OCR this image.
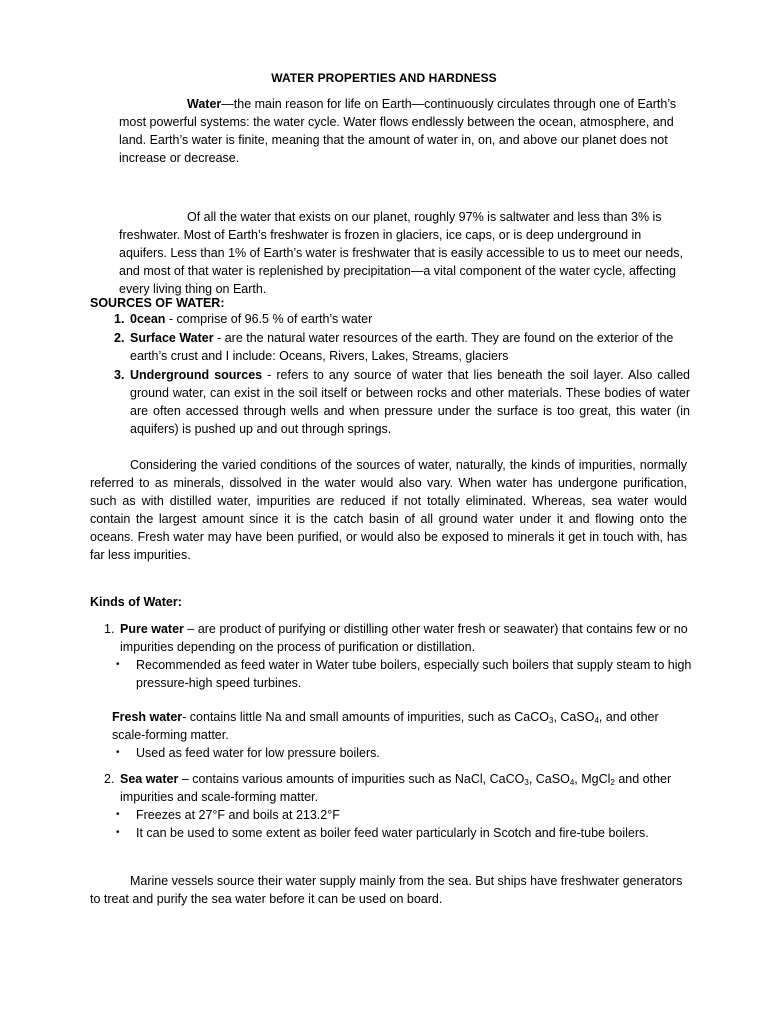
WATER PROPERTIES AND HARDNESS
Water—the main reason for life on Earth—continuously circulates through one of Earth’s most powerful systems: the water cycle. Water flows endlessly between the ocean, atmosphere, and land. Earth’s water is finite, meaning that the amount of water in, on, and above our planet does not increase or decrease.
Of all the water that exists on our planet, roughly 97% is saltwater and less than 3% is freshwater. Most of Earth’s freshwater is frozen in glaciers, ice caps, or is deep underground in aquifers. Less than 1% of Earth’s water is freshwater that is easily accessible to us to meet our needs, and most of that water is replenished by precipitation—a vital component of the water cycle, affecting every living thing on Earth.
SOURCES OF WATER:
1. 0cean - comprise of 96.5 % of earth’s water
2. Surface Water - are the natural water resources of the earth. They are found on the exterior of the earth’s crust and I include: Oceans, Rivers, Lakes, Streams, glaciers
3. Underground sources - refers to any source of water that lies beneath the soil layer. Also called ground water, can exist in the soil itself or between rocks and other materials. These bodies of water are often accessed through wells and when pressure under the surface is too great, this water (in aquifers) is pushed up and out through springs.
Considering the varied conditions of the sources of water, naturally, the kinds of impurities, normally referred to as minerals, dissolved in the water would also vary. When water has undergone purification, such as with distilled water, impurities are reduced if not totally eliminated. Whereas, sea water would contain the largest amount since it is the catch basin of all ground water under it and flowing onto the oceans. Fresh water may have been purified, or would also be exposed to minerals it get in touch with, has far less impurities.
Kinds of Water:
1. Pure water – are product of purifying or distilling other water fresh or seawater) that contains few or no impurities depending on the process of purification or distillation.
• Recommended as feed water in Water tube boilers, especially such boilers that supply steam to high pressure-high speed turbines.
Fresh water- contains little Na and small amounts of impurities, such as CaCO$_3$, CaSO$_4$, and other scale-forming matter.
• Used as feed water for low pressure boilers.
2. Sea water – contains various amounts of impurities such as NaCl, CaCO$_3$, CaSO$_4$, MgCl$_2$ and other impurities and scale-forming matter.
• Freezes at 27°F and boils at 213.2°F
• It can be used to some extent as boiler feed water particularly in Scotch and fire-tube boilers.
Marine vessels source their water supply mainly from the sea. But ships have freshwater generators to treat and purify the sea water before it can be used on board.
